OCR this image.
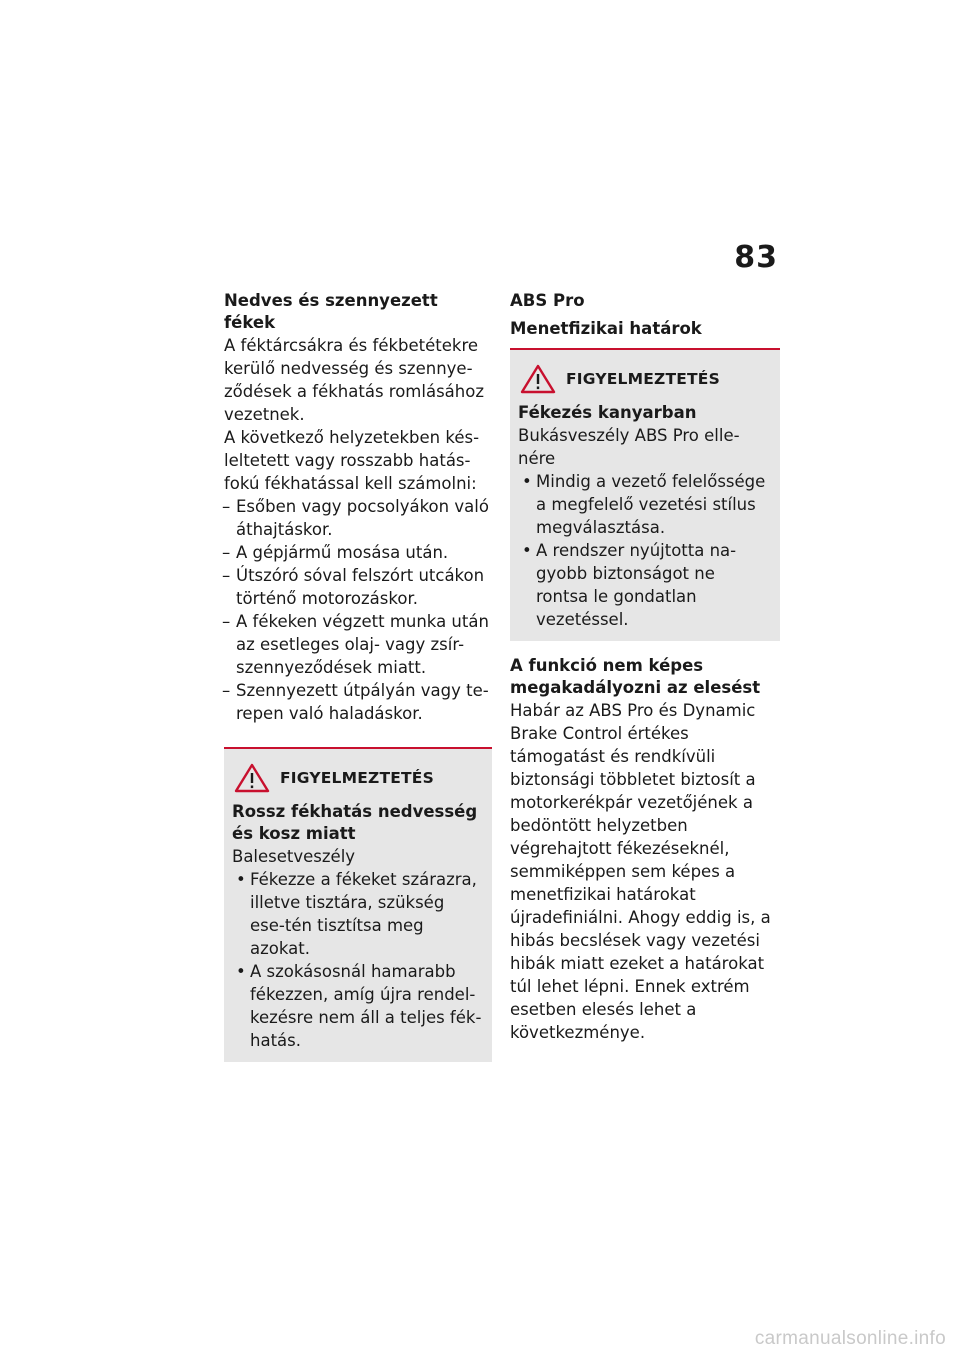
83
Nedves és szennyezett fékek
A féktárcsákra és fékbetétekre kerülő nedvesség és szennye-ződések a fékhatás romlásához vezetnek.
A következő helyzetekben kés-leltetett vagy rosszabb hatás-fokú fékhatással kell számolni:
– Esőben vagy pocsolyákon való áthajtáskor.
– A gépjármű mosása után.
– Útszóró sóval felszórt utcákon történő motorozáskor.
– A fékeken végzett munka után az esetleges olaj- vagy zsír-szennyeződések miatt.
– Szennyezett útpályán vagy te-repen való haladáskor.
FIGYELMEZTETÉS
Rossz fékhatás nedvesség és kosz miatt
Balesetveszély
• Fékezze a fékeket szárazra, illetve tisztára, szükség ese-tén tisztítsa meg azokat.
• A szokásosnál hamarabb fékezzen, amíg újra rendel-kezésre nem áll a teljes fék-hatás.
ABS Pro
Menetfizikai határok
FIGYELMEZTETÉS
Fékezés kanyarban
Bukásveszély ABS Pro elle-nére
• Mindig a vezető felelőssége a megfelelő vezetési stílus megválasztása.
• A rendszer nyújtotta na-gyobb biztonságot ne rontsa le gondatlan vezetéssel.
A funkció nem képes megakadályozni az elesést
Habár az ABS Pro és Dynamic Brake Control értékes támogatást és rendkívüli biztonsági többletet biztosít a motorkerékpár vezetőjének a bedöntött helyzetben végrehajtott fékezéseknél, semmiképpen sem képes a menetfizikai határokat újradefiniálni. Ahogy eddig is, a hibás becslések vagy vezetési hibák miatt ezeket a határokat túl lehet lépni. Ennek extrém esetben elesés lehet a következménye.
carmanualsonline.info
